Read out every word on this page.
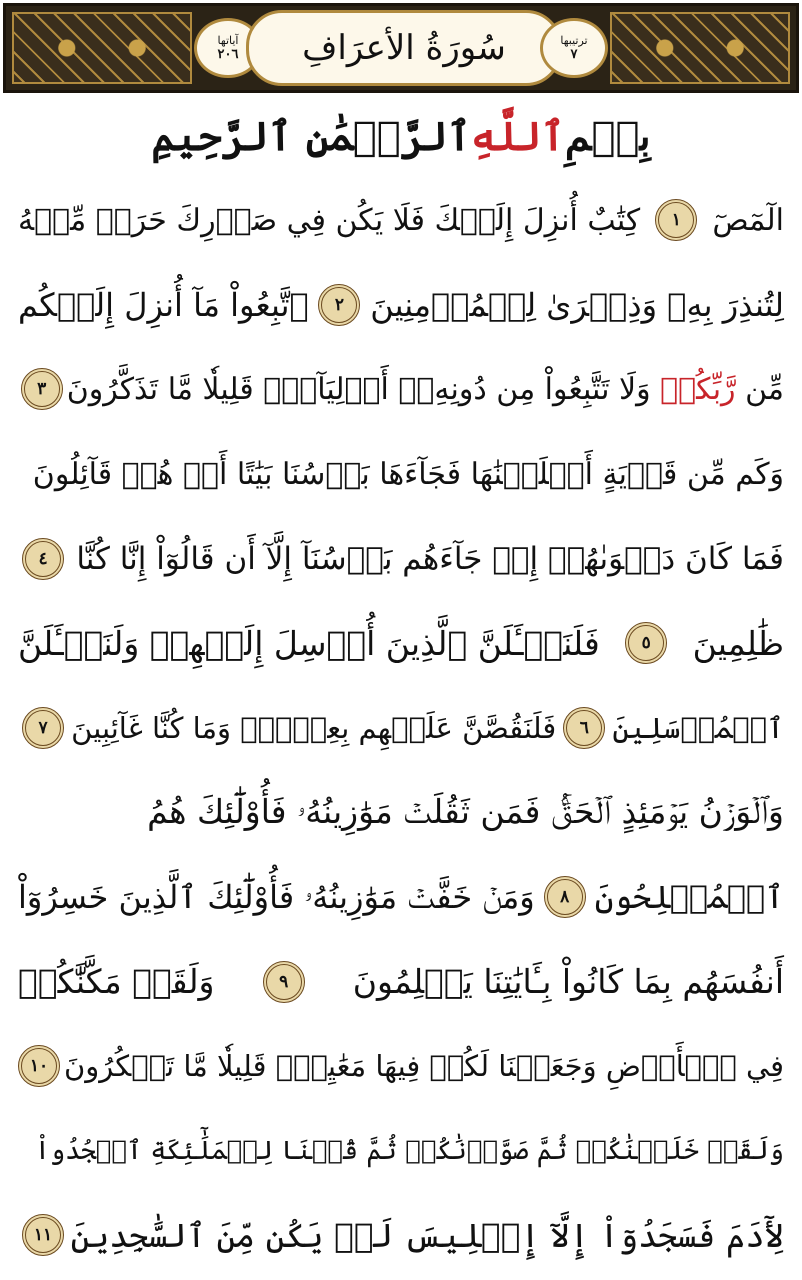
آياتها
٢٠٦ سُورَةُ الأعرَافِ	ترتيبها
٧
بِسۡمِ
ٱللَّهِ
ٱلرَّحۡمَٰنِ ٱلرَّحِيمِ
الٓمٓصٓ
١
كِتَٰبٌ أُنزِلَ إِلَيۡكَ فَلَا يَكُن فِي صَدۡرِكَ حَرَجٞ مِّنۡهُ
لِتُنذِرَ بِهِۦ وَذِكۡرَىٰ لِلۡمُؤۡمِنِينَ
٢
ٱتَّبِعُواْ مَآ أُنزِلَ إِلَيۡكُم
مِّن رَّبِّكُمۡ وَلَا تَتَّبِعُواْ مِن دُونِهِۦٓ أَوۡلِيَآءَۗ قَلِيلٗا مَّا تَذَكَّرُونَ
٣
وَكَم مِّن قَرۡيَةٍ أَهۡلَكۡنَٰهَا فَجَآءَهَا بَأۡسُنَا بَيَٰتًا أَوۡ هُمۡ قَآئِلُونَ
فَمَا كَانَ دَعۡوَىٰهُمۡ إِذۡ جَآءَهُم بَأۡسُنَآ إِلَّآ أَن قَالُوٓاْ إِنَّا كُنَّا
٤
ظَٰلِمِينَ
٥
فَلَنَسۡـَٔلَنَّ ٱلَّذِينَ أُرۡسِلَ إِلَيۡهِمۡ وَلَنَسۡـَٔلَنَّ
ٱلۡمُرۡسَلِينَ
٦
فَلَنَقُصَّنَّ عَلَيۡهِم بِعِلۡمٖۖ وَمَا كُنَّا غَآئِبِينَ
٧
وَٱلۡوَزۡنُ يَوۡمَئِذٍ ٱلۡحَقُّۚ فَمَن ثَقُلَتۡ مَوَٰزِينُهُۥ فَأُوْلَٰٓئِكَ هُمُ
ٱلۡمُفۡلِحُونَ
٨
وَمَنۡ خَفَّتۡ مَوَٰزِينُهُۥ فَأُوْلَٰٓئِكَ ٱلَّذِينَ خَسِرُوٓاْ
أَنفُسَهُم بِمَا كَانُواْ بِـَٔايَٰتِنَا يَظۡلِمُونَ
٩
وَلَقَدۡ مَكَّنَّٰكُمۡ
فِي ٱلۡأَرۡضِ وَجَعَلۡنَا لَكُمۡ فِيهَا مَعَٰيِشَۗ قَلِيلٗا مَّا تَشۡكُرُونَ
١٠
وَلَقَدۡ خَلَقۡنَٰكُمۡ ثُمَّ صَوَّرۡنَٰكُمۡ ثُمَّ قُلۡنَا لِلۡمَلَٰٓئِكَةِ ٱسۡجُدُواْ
لِأٓدَمَ فَسَجَدُوٓاْ إِلَّآ إِبۡلِيسَ لَمۡ يَكُن مِّنَ ٱلسَّٰجِدِينَ
١١
